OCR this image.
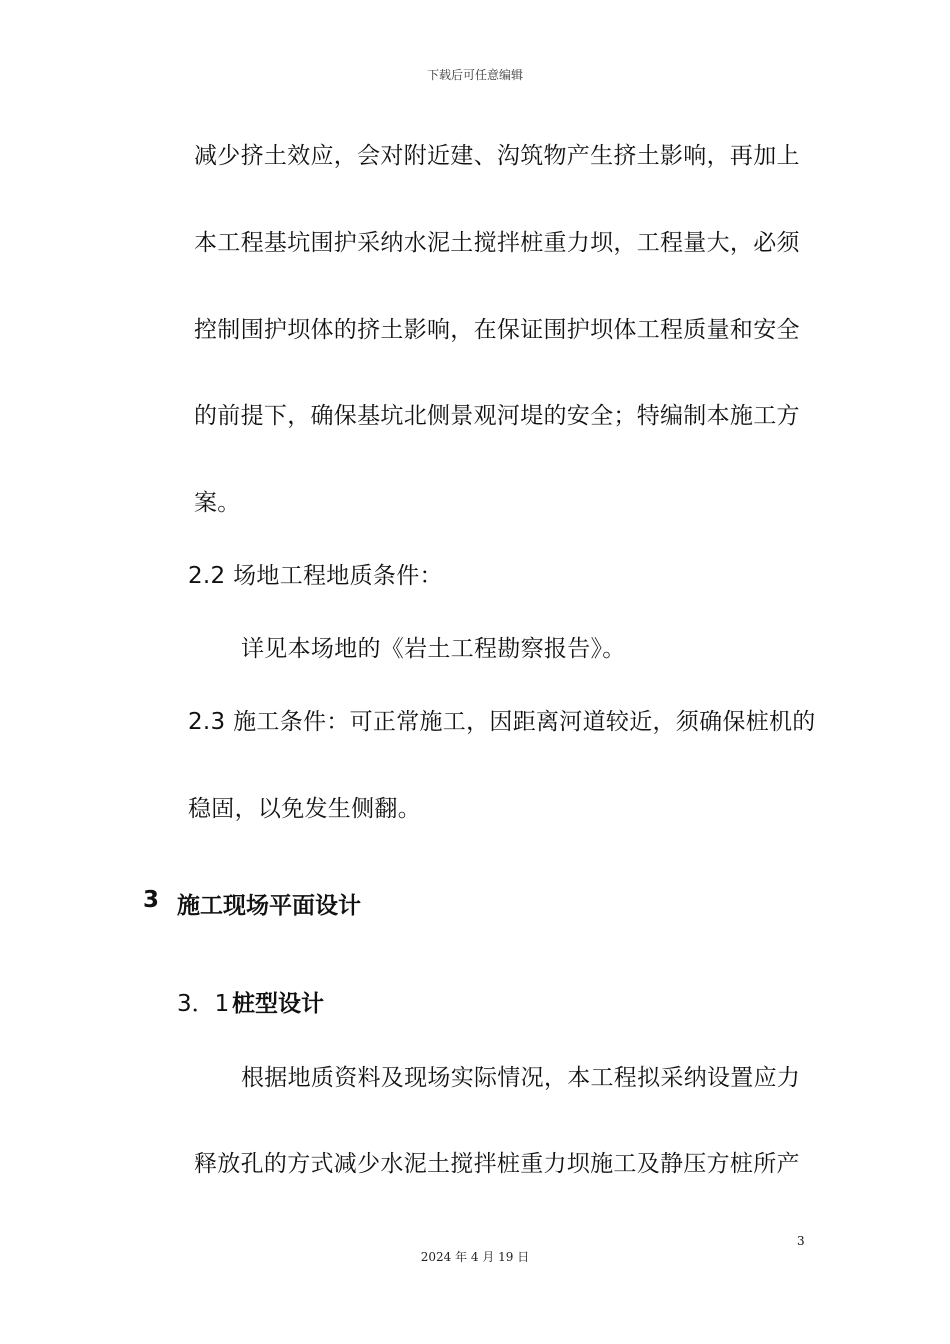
下载后可任意编辑
减少挤土效应，会对附近建、沟筑物产生挤土影响，再加上
本工程基坑围护采纳水泥土搅拌桩重力坝，工程量大，必须
控制围护坝体的挤土影响，在保证围护坝体工程质量和安全
的前提下，确保基坑北侧景观河堤的安全；特编制本施工方
案。
2.2 场地工程地质条件：
详见本场地的《岩土工程勘察报告》。
2.3 施工条件：可正常施工，因距离河道较近，须确保桩机的
稳固，以免发生侧翻。
3 施工现场平面设计
3．1 桩型设计
根据地质资料及现场实际情况，本工程拟采纳设置应力
释放孔的方式减少水泥土搅拌桩重力坝施工及静压方桩所产
3
2024 年 4 月 19 日
